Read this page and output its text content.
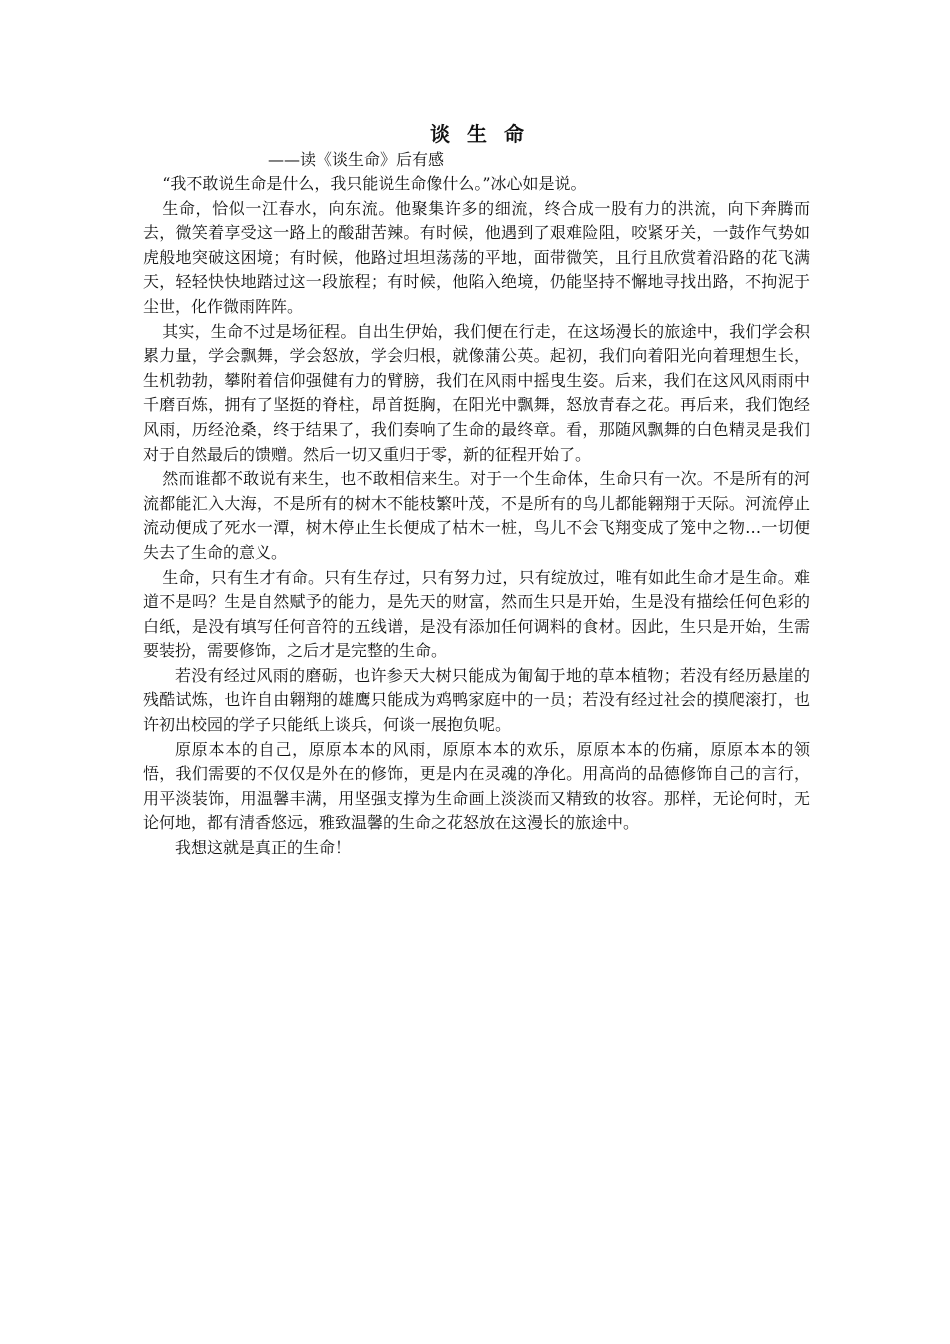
谈 生 命

——读《谈生命》后有感

“我不敢说生命是什么，我只能说生命像什么。”冰心如是说。

生命，恰似一江春水，向东流。他聚集许多的细流，终合成一股有力的洪流，向下奔腾而去，微笑着享受这一路上的酸甜苦辣。有时候，他遇到了艰难险阻，咬紧牙关，一鼓作气势如虎般地突破这困境；有时候，他路过坦坦荡荡的平地，面带微笑，且行且欣赏着沿路的花飞满天，轻轻快快地踏过这一段旅程；有时候，他陷入绝境，仍能坚持不懈地寻找出路，不拘泥于尘世，化作微雨阵阵。

其实，生命不过是场征程。自出生伊始，我们便在行走，在这场漫长的旅途中，我们学会积累力量，学会飘舞，学会怒放，学会归根，就像蒲公英。起初，我们向着阳光向着理想生长，生机勃勃，攀附着信仰强健有力的臂膀，我们在风雨中摇曳生姿。后来，我们在这风风雨雨中千磨百炼，拥有了坚挺的脊柱，昂首挺胸，在阳光中飘舞，怒放青春之花。再后来，我们饱经风雨，历经沧桑，终于结果了，我们奏响了生命的最终章。看，那随风飘舞的白色精灵是我们对于自然最后的馈赠。然后一切又重归于零，新的征程开始了。

然而谁都不敢说有来生，也不敢相信来生。对于一个生命体，生命只有一次。不是所有的河流都能汇入大海，不是所有的树木不能枝繁叶茂，不是所有的鸟儿都能翱翔于天际。河流停止流动便成了死水一潭，树木停止生长便成了枯木一桩，鸟儿不会飞翔变成了笼中之物…一切便失去了生命的意义。

生命，只有生才有命。只有生存过，只有努力过，只有绽放过，唯有如此生命才是生命。难道不是吗？生是自然赋予的能力，是先天的财富，然而生只是开始，生是没有描绘任何色彩的白纸，是没有填写任何音符的五线谱，是没有添加任何调料的食材。因此，生只是开始，生需要装扮，需要修饰，之后才是完整的生命。

若没有经过风雨的磨砺，也许参天大树只能成为匍匐于地的草本植物；若没有经历悬崖的残酷试炼，也许自由翱翔的雄鹰只能成为鸡鸭家庭中的一员；若没有经过社会的摸爬滚打，也许初出校园的学子只能纸上谈兵，何谈一展抱负呢。

原原本本的自己，原原本本的风雨，原原本本的欢乐，原原本本的伤痛，原原本本的领悟，我们需要的不仅仅是外在的修饰，更是内在灵魂的净化。用高尚的品德修饰自己的言行，用平淡装饰，用温馨丰满，用坚强支撑为生命画上淡淡而又精致的妆容。那样，无论何时，无论何地，都有清香悠远，雅致温馨的生命之花怒放在这漫长的旅途中。

我想这就是真正的生命！
